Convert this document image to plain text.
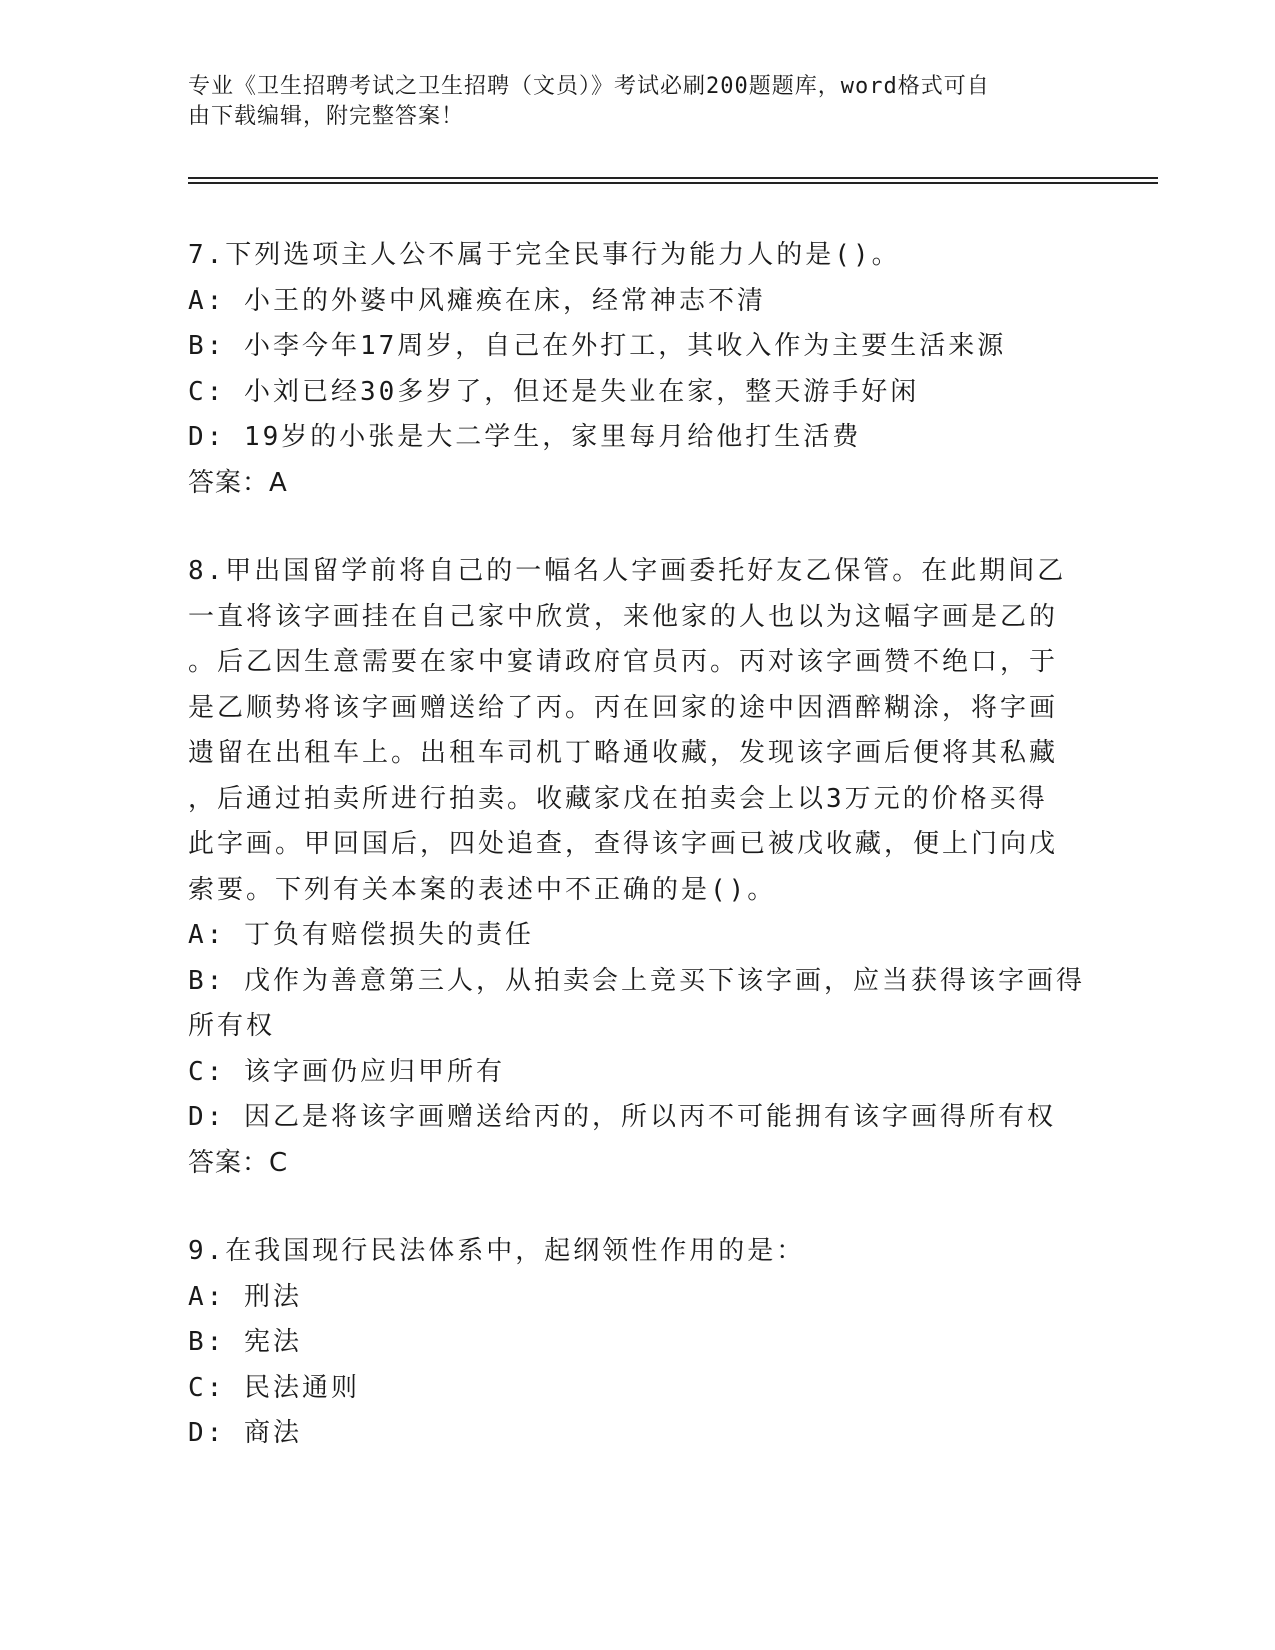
专业《卫生招聘考试之卫生招聘（文员）》考试必刷200题题库，word格式可自
由下载编辑，附完整答案！

7.下列选项主人公不属于完全民事行为能力人的是()。

A: 小王的外婆中风瘫痪在床，经常神志不清

B: 小李今年17周岁，自己在外打工，其收入作为主要生活来源

C: 小刘已经30多岁了，但还是失业在家，整天游手好闲

D: 19岁的小张是大二学生，家里每月给他打生活费

答案：A

8.甲出国留学前将自己的一幅名人字画委托好友乙保管。在此期间乙

一直将该字画挂在自己家中欣赏，来他家的人也以为这幅字画是乙的

。后乙因生意需要在家中宴请政府官员丙。丙对该字画赞不绝口，于

是乙顺势将该字画赠送给了丙。丙在回家的途中因酒醉糊涂，将字画

遗留在出租车上。出租车司机丁略通收藏，发现该字画后便将其私藏

，后通过拍卖所进行拍卖。收藏家戊在拍卖会上以3万元的价格买得

此字画。甲回国后，四处追查，查得该字画已被戊收藏，便上门向戊

索要。下列有关本案的表述中不正确的是()。

A: 丁负有赔偿损失的责任

B: 戊作为善意第三人，从拍卖会上竞买下该字画，应当获得该字画得

所有权

C: 该字画仍应归甲所有

D: 因乙是将该字画赠送给丙的，所以丙不可能拥有该字画得所有权

答案：C

9.在我国现行民法体系中，起纲领性作用的是：

A: 刑法

B: 宪法

C: 民法通则

D: 商法
